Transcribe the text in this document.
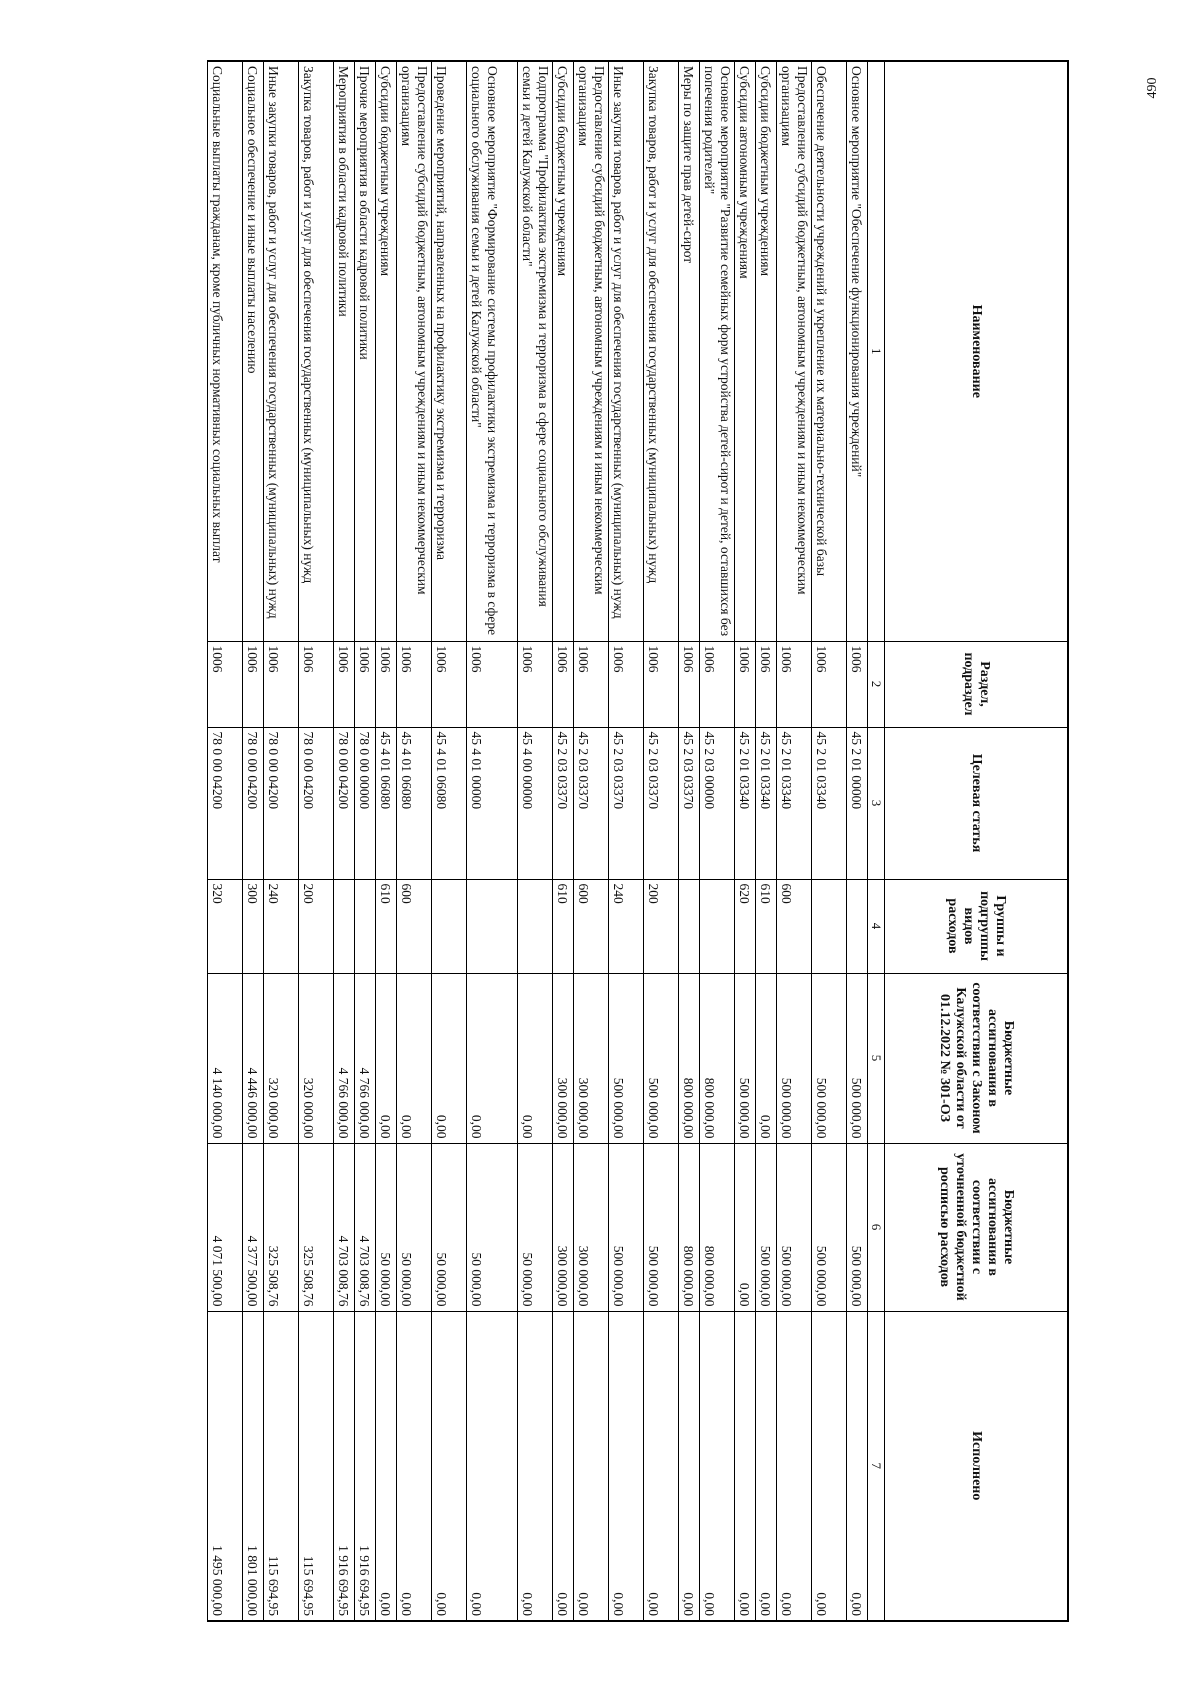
490
Наименование	Раздел, подраздел	Целевая статья	Группы и подгруппы видов расходов	Бюджетные ассигнования в соответствии с Законом Калужской области от 01.12.2022 № 301-ОЗ	Бюджетные ассигнования в соответствии с уточненной бюджетной росписью расходов	Исполнено
1	2	3	4	5	6	7
Основное мероприятие "Обеспечение функционирования учреждений"	1006	45 2 01 00000		500 000,00	500 000,00	0,00
Обеспечение деятельности учреждений и укрепление их материально-технической базы	1006	45 2 01 03340		500 000,00	500 000,00	0,00
Предоставление субсидий бюджетным, автономным учреждениям и иным некоммерческим организациям	1006	45 2 01 03340	600	500 000,00	500 000,00	0,00
Субсидии бюджетным учреждениям	1006	45 2 01 03340	610	0,00	500 000,00	0,00
Субсидии автономным учреждениям	1006	45 2 01 03340	620	500 000,00	0,00	0,00
Основное мероприятие "Развитие семейных форм устройства детей-сирот и детей, оставшихся без попечения родителей"	1006	45 2 03 00000		800 000,00	800 000,00	0,00
Меры по защите прав детей-сирот	1006	45 2 03 03370		800 000,00	800 000,00	0,00
Закупка товаров, работ и услуг для обеспечения государственных (муниципальных) нужд	1006	45 2 03 03370	200	500 000,00	500 000,00	0,00
Иные закупки товаров, работ и услуг для обеспечения государственных (муниципальных) нужд	1006	45 2 03 03370	240	500 000,00	500 000,00	0,00
Предоставление субсидий бюджетным, автономным учреждениям и иным некоммерческим организациям	1006	45 2 03 03370	600	300 000,00	300 000,00	0,00
Субсидии бюджетным учреждениям	1006	45 2 03 03370	610	300 000,00	300 000,00	0,00
Подпрограмма "Профилактика экстремизма и терроризма в сфере социального обслуживания семьи и детей Калужской области"	1006	45 4 00 00000		0,00	50 000,00	0,00
Основное мероприятие "Формирование системы профилактики экстремизма и терроризма в сфере социального обслуживания семьи и детей Калужской области"	1006	45 4 01 00000		0,00	50 000,00	0,00
Проведение мероприятий, направленных на профилактику экстремизма и терроризма	1006	45 4 01 06080		0,00	50 000,00	0,00
Предоставление субсидий бюджетным, автономным учреждениям и иным некоммерческим организациям	1006	45 4 01 06080	600	0,00	50 000,00	0,00
Субсидии бюджетным учреждениям	1006	45 4 01 06080	610	0,00	50 000,00	0,00
Прочие мероприятия в области кадровой политики	1006	78 0 00 00000		4 766 000,00	4 703 008,76	1 916 694,95
Мероприятия в области кадровой политики	1006	78 0 00 04200		4 766 000,00	4 703 008,76	1 916 694,95
Закупка товаров, работ и услуг для обеспечения государственных (муниципальных) нужд	1006	78 0 00 04200	200	320 000,00	325 508,76	115 694,95
Иные закупки товаров, работ и услуг для обеспечения государственных (муниципальных) нужд	1006	78 0 00 04200	240	320 000,00	325 508,76	115 694,95
Социальное обеспечение и иные выплаты населению	1006	78 0 00 04200	300	4 446 000,00	4 377 500,00	1 801 000,00
Социальные выплаты гражданам, кроме публичных нормативных социальных выплат	1006	78 0 00 04200	320	4 140 000,00	4 071 500,00	1 495 000,00
